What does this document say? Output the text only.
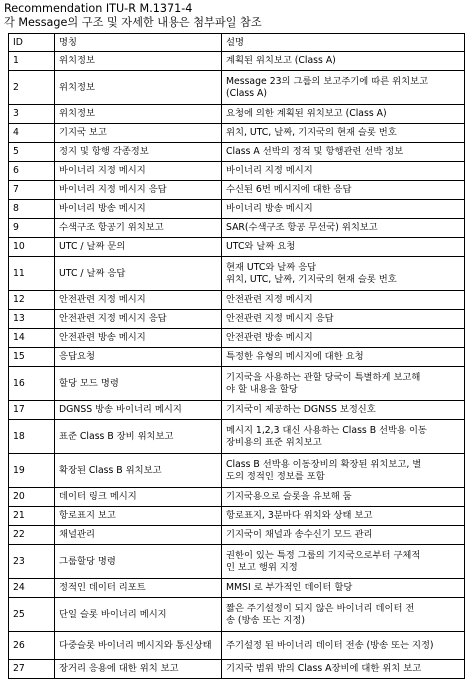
Recommendation ITU-R M.1371-4
각 Message의 구조 및 자세한 내용은 첨부파일 참조
ID	명칭	설명
1	위치정보	계획된 위치보고 (Class A)

2	위치정보	Message 23의 그룹의 보고주기에 따른 위치보고
(Class A)

3	위치정보	요청에 의한 계획된 위치보고 (Class A)

4	기지국 보고	위치, UTC, 날짜, 기지국의 현재 슬롯 번호

5	정지 및 항행 각종정보	Class A 선박의 정적 및 항행관련 선박 정보

6	바이너리 지정 메시지	바이너리 지정 메시지

7	바이너리 지정 메시지 응답	수신된 6번 메시지에 대한 응답

8	바이너리 방송 메시지	바이너리 방송 메시지

9	수색구조 항공기 위치보고	SAR(수색구조 항공 무선국) 위치보고

10	UTC / 날짜 문의	UTC와 날짜 요청

11	UTC / 날짜 응답	현재 UTC와 날짜 응답
위치, UTC, 날짜, 기지국의 현재 슬롯 번호

12	안전관련 지정 메시지	안전관련 지정 메시지

13	안전관련 지정 메시지 응답	안전관련 지정 메시지 응답

14	안전관련 방송 메시지	안전관련 방송 메시지

15	응답요청	특정한 유형의 메시지에 대한 요청

16	할당 모드 명령	기지국을 사용하는 관할 당국이 특별하게 보고해
야 할 내용을 할당

17	DGNSS 방송 바이너리 메시지	기지국이 제공하는 DGNSS 보정신호

18	표준 Class B 장비 위치보고	메시지 1,2,3 대신 사용하는 Class B 선박용 이동
장비용의 표준 위치보고

19	확장된 Class B 위치보고	Class B 선박용 이동장비의 확장된 위치보고, 별
도의 정적인 정보를 포함

20	데이터 링크 메시지	기지국용으로 슬롯을 유보해 둠

21	항로표지 보고	항로표지, 3분마다 위치와 상태 보고

22	채널관리	기지국이 채널과 송수신기 모드 관리

23	그룹할당 명령	권한이 있는 특정 그룹의 기지국으로부터 구체적
인 보고 행위 지정

24	정적인 데이터 리포트	MMSI 로 부가적인 데이터 할당

25	단일 슬롯 바이너리 메시지	짧은 주기설정이 되지 않은 바이너리 데이터 전
송 (방송 또는 지정)

26	다중슬롯 바이너리 메시지와 통신상태	주기설정 된 바이너리 데이터 전송 (방송 또는 지정)

27	장거리 응용에 대한 위치 보고	기지국 범위 밖의 Class A장비에 대한 위치 보고
